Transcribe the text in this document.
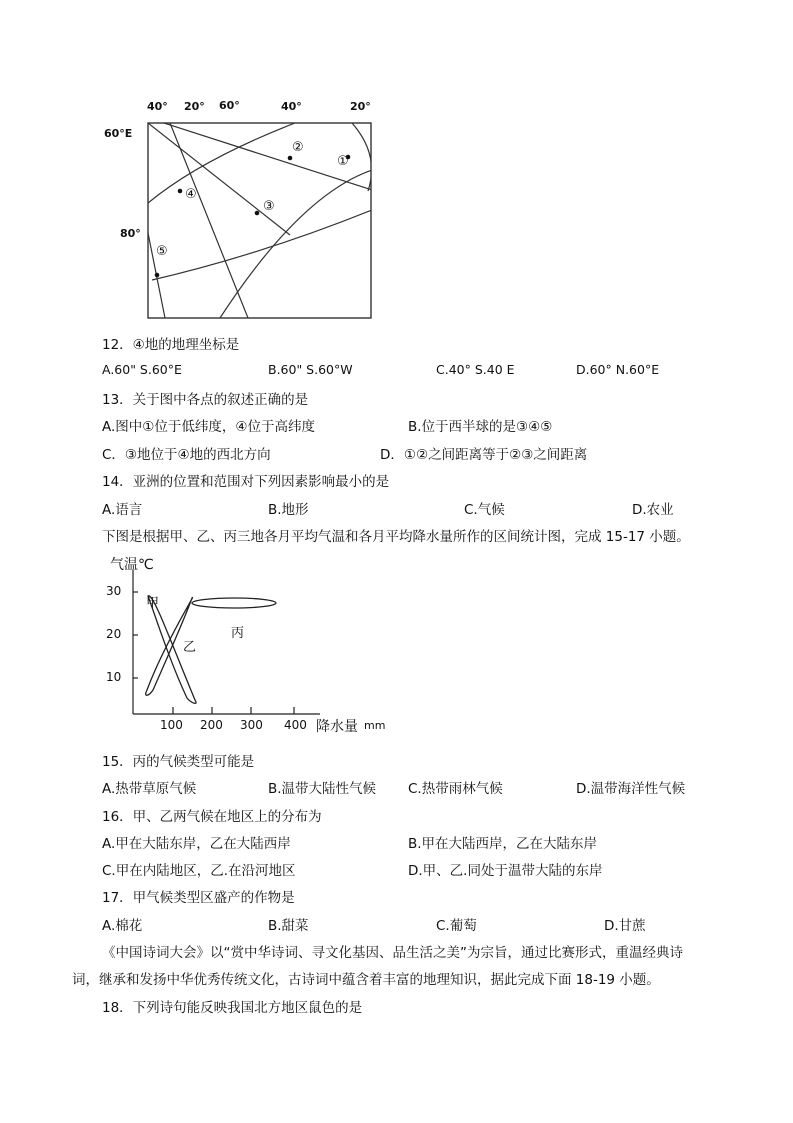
40° 20° 60°	40°	20°
60°E
80°
①
②
③
④
⑤
12．④地的地理坐标是
A.60" S.60°E	B.60" S.60°W	C.40° S.40 E	D.60° N.60°E
13．关于图中各点的叙述正确的是
A.图中①位于低纬度，④位于高纬度	B.位于西半球的是③④⑤
C．③地位于④地的西北方向	D．①②之间距离等于②③之间距离
14．亚洲的位置和范围对下列因素影响最小的是
A.语言	B.地形	C.气候	D.农业
下图是根据甲、乙、丙三地各月平均气温和各月平均降水量所作的区间统计图，完成 15-17 小题。
气温℃
30
20
10
100 200 300 400 降水量 mm
甲
乙
丙
15．丙的气候类型可能是
A.热带草原气候	B.温带大陆性气候 C.热带雨林气候	D.温带海洋性气候
16．甲、乙两气候在地区上的分布为
A.甲在大陆东岸，乙在大陆西岸	B.甲在大陆西岸，乙在大陆东岸
C.甲在内陆地区，乙.在沿河地区	D.甲、乙.同处于温带大陆的东岸
17．甲气候类型区盛产的作物是
A.棉花	B.甜菜	C.葡萄	D.甘蔗
《中国诗词大会》以“赏中华诗词、寻文化基因、品生活之美”为宗旨，通过比赛形式，重温经典诗
词，继承和发扬中华优秀传统文化，古诗词中蕴含着丰富的地理知识，据此完成下面 18-19 小题。
18．下列诗句能反映我国北方地区鼠色的是
